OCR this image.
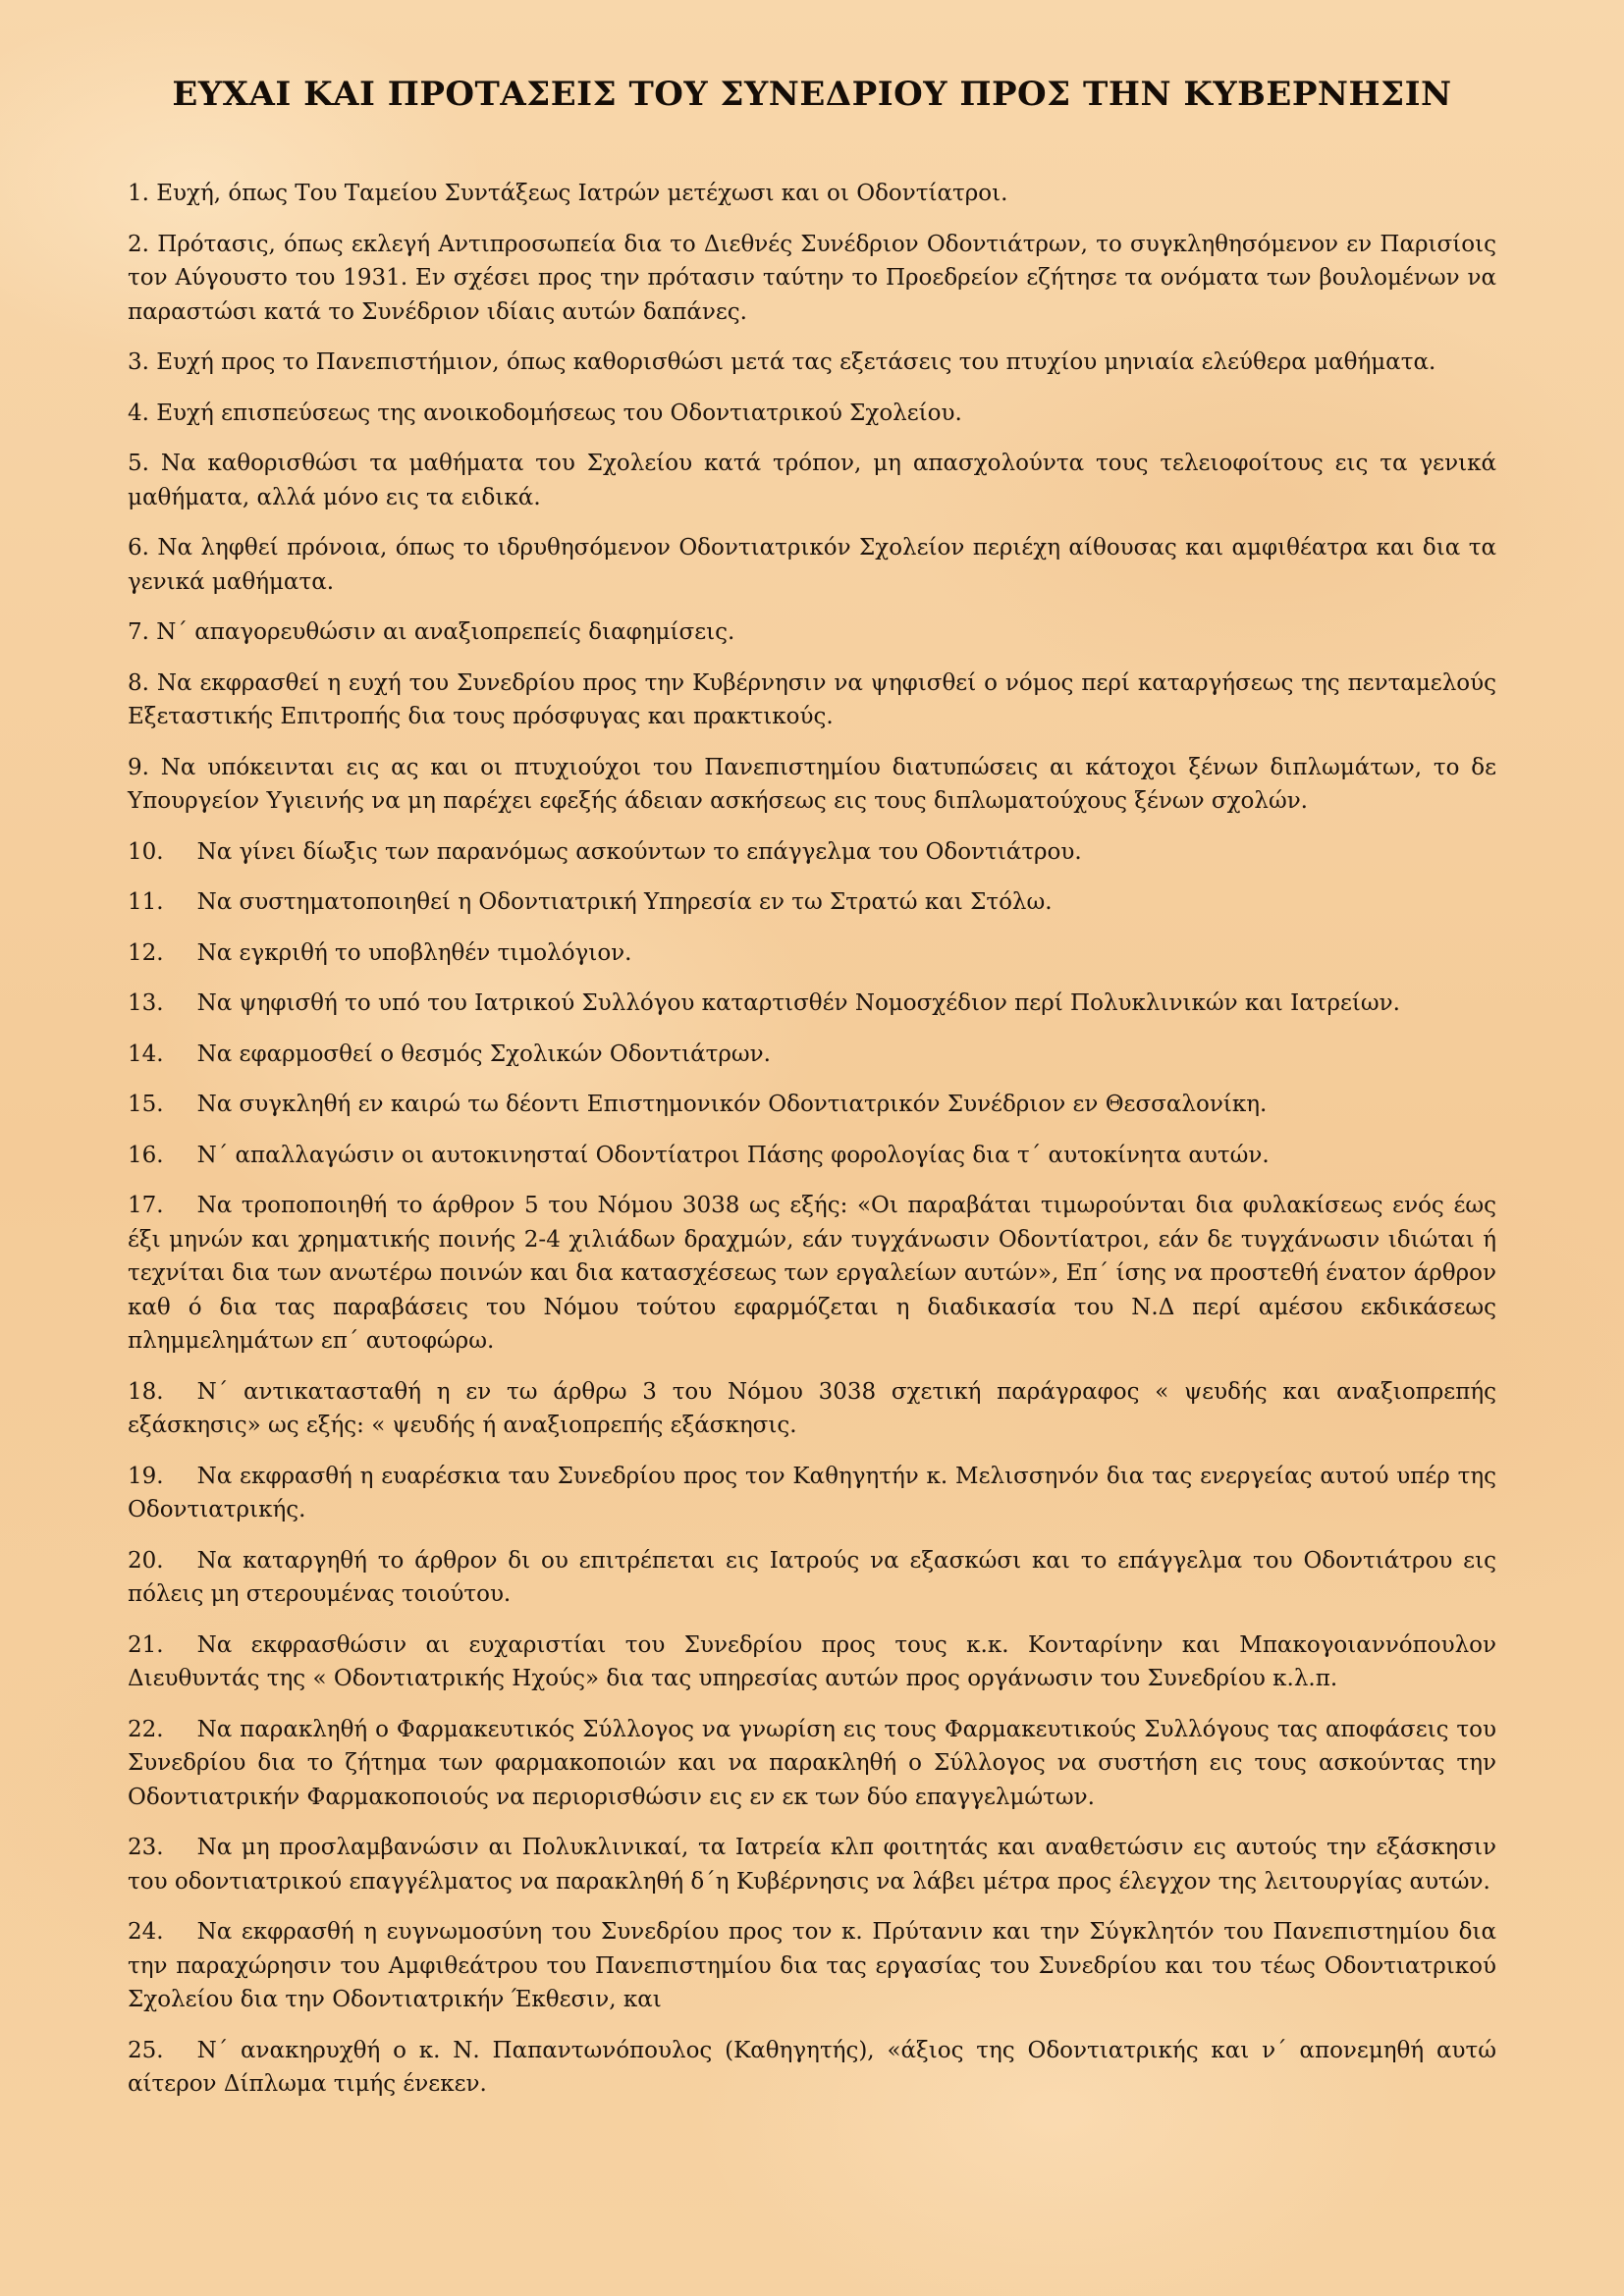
ΕΥΧΑΙ ΚΑΙ ΠΡΟΤΑΣΕΙΣ ΤΟΥ ΣΥΝΕΔΡΙΟΥ ΠΡΟΣ ΤΗΝ ΚΥΒΕΡΝΗΣΙΝ

1. Ευχή, όπως Του Ταμείου Συντάξεως Ιατρών μετέχωσι και οι Οδοντίατροι.

2. Πρότασις, όπως εκλεγή Αντιπροσωπεία δια το Διεθνές Συνέδριον Οδοντιάτρων, το συγκληθησόμενον εν Παρισίοις τον Αύγουστο του 1931. Εν σχέσει προς την πρότασιν ταύτην το Προεδρείον εζήτησε τα ονόματα των βουλομένων να παραστώσι κατά το Συνέδριον ιδίαις αυτών δαπάνες.

3. Ευχή προς το Πανεπιστήμιον, όπως καθορισθώσι μετά τας εξετάσεις του πτυχίου μηνιαία ελεύθερα μαθήματα.

4. Ευχή επισπεύσεως της ανοικοδομήσεως του Οδοντιατρικού Σχολείου.

5. Να καθορισθώσι τα μαθήματα του Σχολείου κατά τρόπον, μη απασχολούντα τους τελειοφοίτους εις τα γενικά μαθήματα, αλλά μόνο εις τα ειδικά.

6. Να ληφθεί πρόνοια, όπως το ιδρυθησόμενον Οδοντιατρικόν Σχολείον περιέχη αίθουσας και αμφιθέατρα και δια τα γενικά μαθήματα.

7. Ν΄ απαγορευθώσιν αι αναξιοπρεπείς διαφημίσεις.

8. Να εκφρασθεί η ευχή του Συνεδρίου προς την Κυβέρνησιν να ψηφισθεί ο νόμος περί καταργήσεως της πενταμελούς Εξεταστικής Επιτροπής δια τους πρόσφυγας και πρακτικούς.

9. Να υπόκεινται εις ας και οι πτυχιούχοι του Πανεπιστημίου διατυπώσεις αι κάτοχοι ξένων διπλωμάτων, το δε Υπουργείον Υγιεινής να μη παρέχει εφεξής άδειαν ασκήσεως εις τους διπλωματούχους ξένων σχολών.

10. Να γίνει δίωξις των παρανόμως ασκούντων το επάγγελμα του Οδοντιάτρου.

11. Να συστηματοποιηθεί η Οδοντιατρική Υπηρεσία εν τω Στρατώ και Στόλω.

12. Να εγκριθή το υποβληθέν τιμολόγιον.

13. Να ψηφισθή το υπό του Ιατρικού Συλλόγου καταρτισθέν Νομοσχέδιον περί Πολυκλινικών και Ιατρείων.

14. Να εφαρμοσθεί ο θεσμός Σχολικών Οδοντιάτρων.

15. Να συγκληθή εν καιρώ τω δέοντι Επιστημονικόν Οδοντιατρικόν Συνέδριον εν Θεσσαλονίκη.

16. Ν΄ απαλλαγώσιν οι αυτοκινησταί Οδοντίατροι Πάσης φορολογίας δια τ΄ αυτοκίνητα αυτών.

17. Να τροποποιηθή το άρθρον 5 του Νόμου 3038 ως εξής: «Οι παραβάται τιμωρούνται δια φυλακίσεως ενός έως έξι μηνών και χρηματικής ποινής 2-4 χιλιάδων δραχμών, εάν τυγχάνωσιν Οδοντίατροι, εάν δε τυγχάνωσιν ιδιώται ή τεχνίται δια των ανωτέρω ποινών και δια κατασχέσεως των εργαλείων αυτών», Επ΄ ίσης να προστεθή ένατον άρθρον καθ ό δια τας παραβάσεις του Νόμου τούτου εφαρμόζεται η διαδικασία του Ν.Δ περί αμέσου εκδικάσεως πλημμελημάτων επ΄ αυτοφώρω.

18. Ν΄ αντικατασταθή η εν τω άρθρω 3 του Νόμου 3038 σχετική παράγραφος « ψευδής και αναξιοπρεπής εξάσκησις» ως εξής: « ψευδής ή αναξιοπρεπής εξάσκησις.

19. Να εκφρασθή η ευαρέσκια ταυ Συνεδρίου προς τον Καθηγητήν κ. Μελισσηνόν δια τας ενεργείας αυτού υπέρ της Οδοντιατρικής.

20. Να καταργηθή το άρθρον δι ου επιτρέπεται εις Ιατρούς να εξασκώσι και το επάγγελμα του Οδοντιάτρου εις πόλεις μη στερουμένας τοιούτου.

21. Να εκφρασθώσιν αι ευχαριστίαι του Συνεδρίου προς τους κ.κ. Κονταρίνην και Μπακογοιαννόπουλον Διευθυντάς της « Οδοντιατρικής Ηχούς» δια τας υπηρεσίας αυτών προς οργάνωσιν του Συνεδρίου κ.λ.π.

22. Να παρακληθή ο Φαρμακευτικός Σύλλογος να γνωρίση εις τους Φαρμακευτικούς Συλλόγους τας αποφάσεις του Συνεδρίου δια το ζήτημα των φαρμακοποιών και να παρακληθή ο Σύλλογος να συστήση εις τους ασκούντας την Οδοντιατρικήν Φαρμακοποιούς να περιορισθώσιν εις εν εκ των δύο επαγγελμώτων.

23. Να μη προσλαμβανώσιν αι Πολυκλινικαί, τα Ιατρεία κλπ φοιτητάς και αναθετώσιν εις αυτούς την εξάσκησιν του οδοντιατρικού επαγγέλματος να παρακληθή δ΄η Κυβέρνησις να λάβει μέτρα προς έλεγχον της λειτουργίας αυτών.

24. Να εκφρασθή η ευγνωμοσύνη του Συνεδρίου προς τον κ. Πρύτανιν και την Σύγκλητόν του Πανεπιστημίου δια την παραχώρησιν του Αμφιθεάτρου του Πανεπιστημίου δια τας εργασίας του Συνεδρίου και του τέως Οδοντιατρικού Σχολείου δια την Οδοντιατρικήν Έκθεσιν, και

25. Ν΄ ανακηρυχθή ο κ. Ν. Παπαντωνόπουλος (Καθηγητής), «άξιος της Οδοντιατρικής και ν΄ απονεμηθή αυτώ αίτερον Δίπλωμα τιμής ένεκεν.
